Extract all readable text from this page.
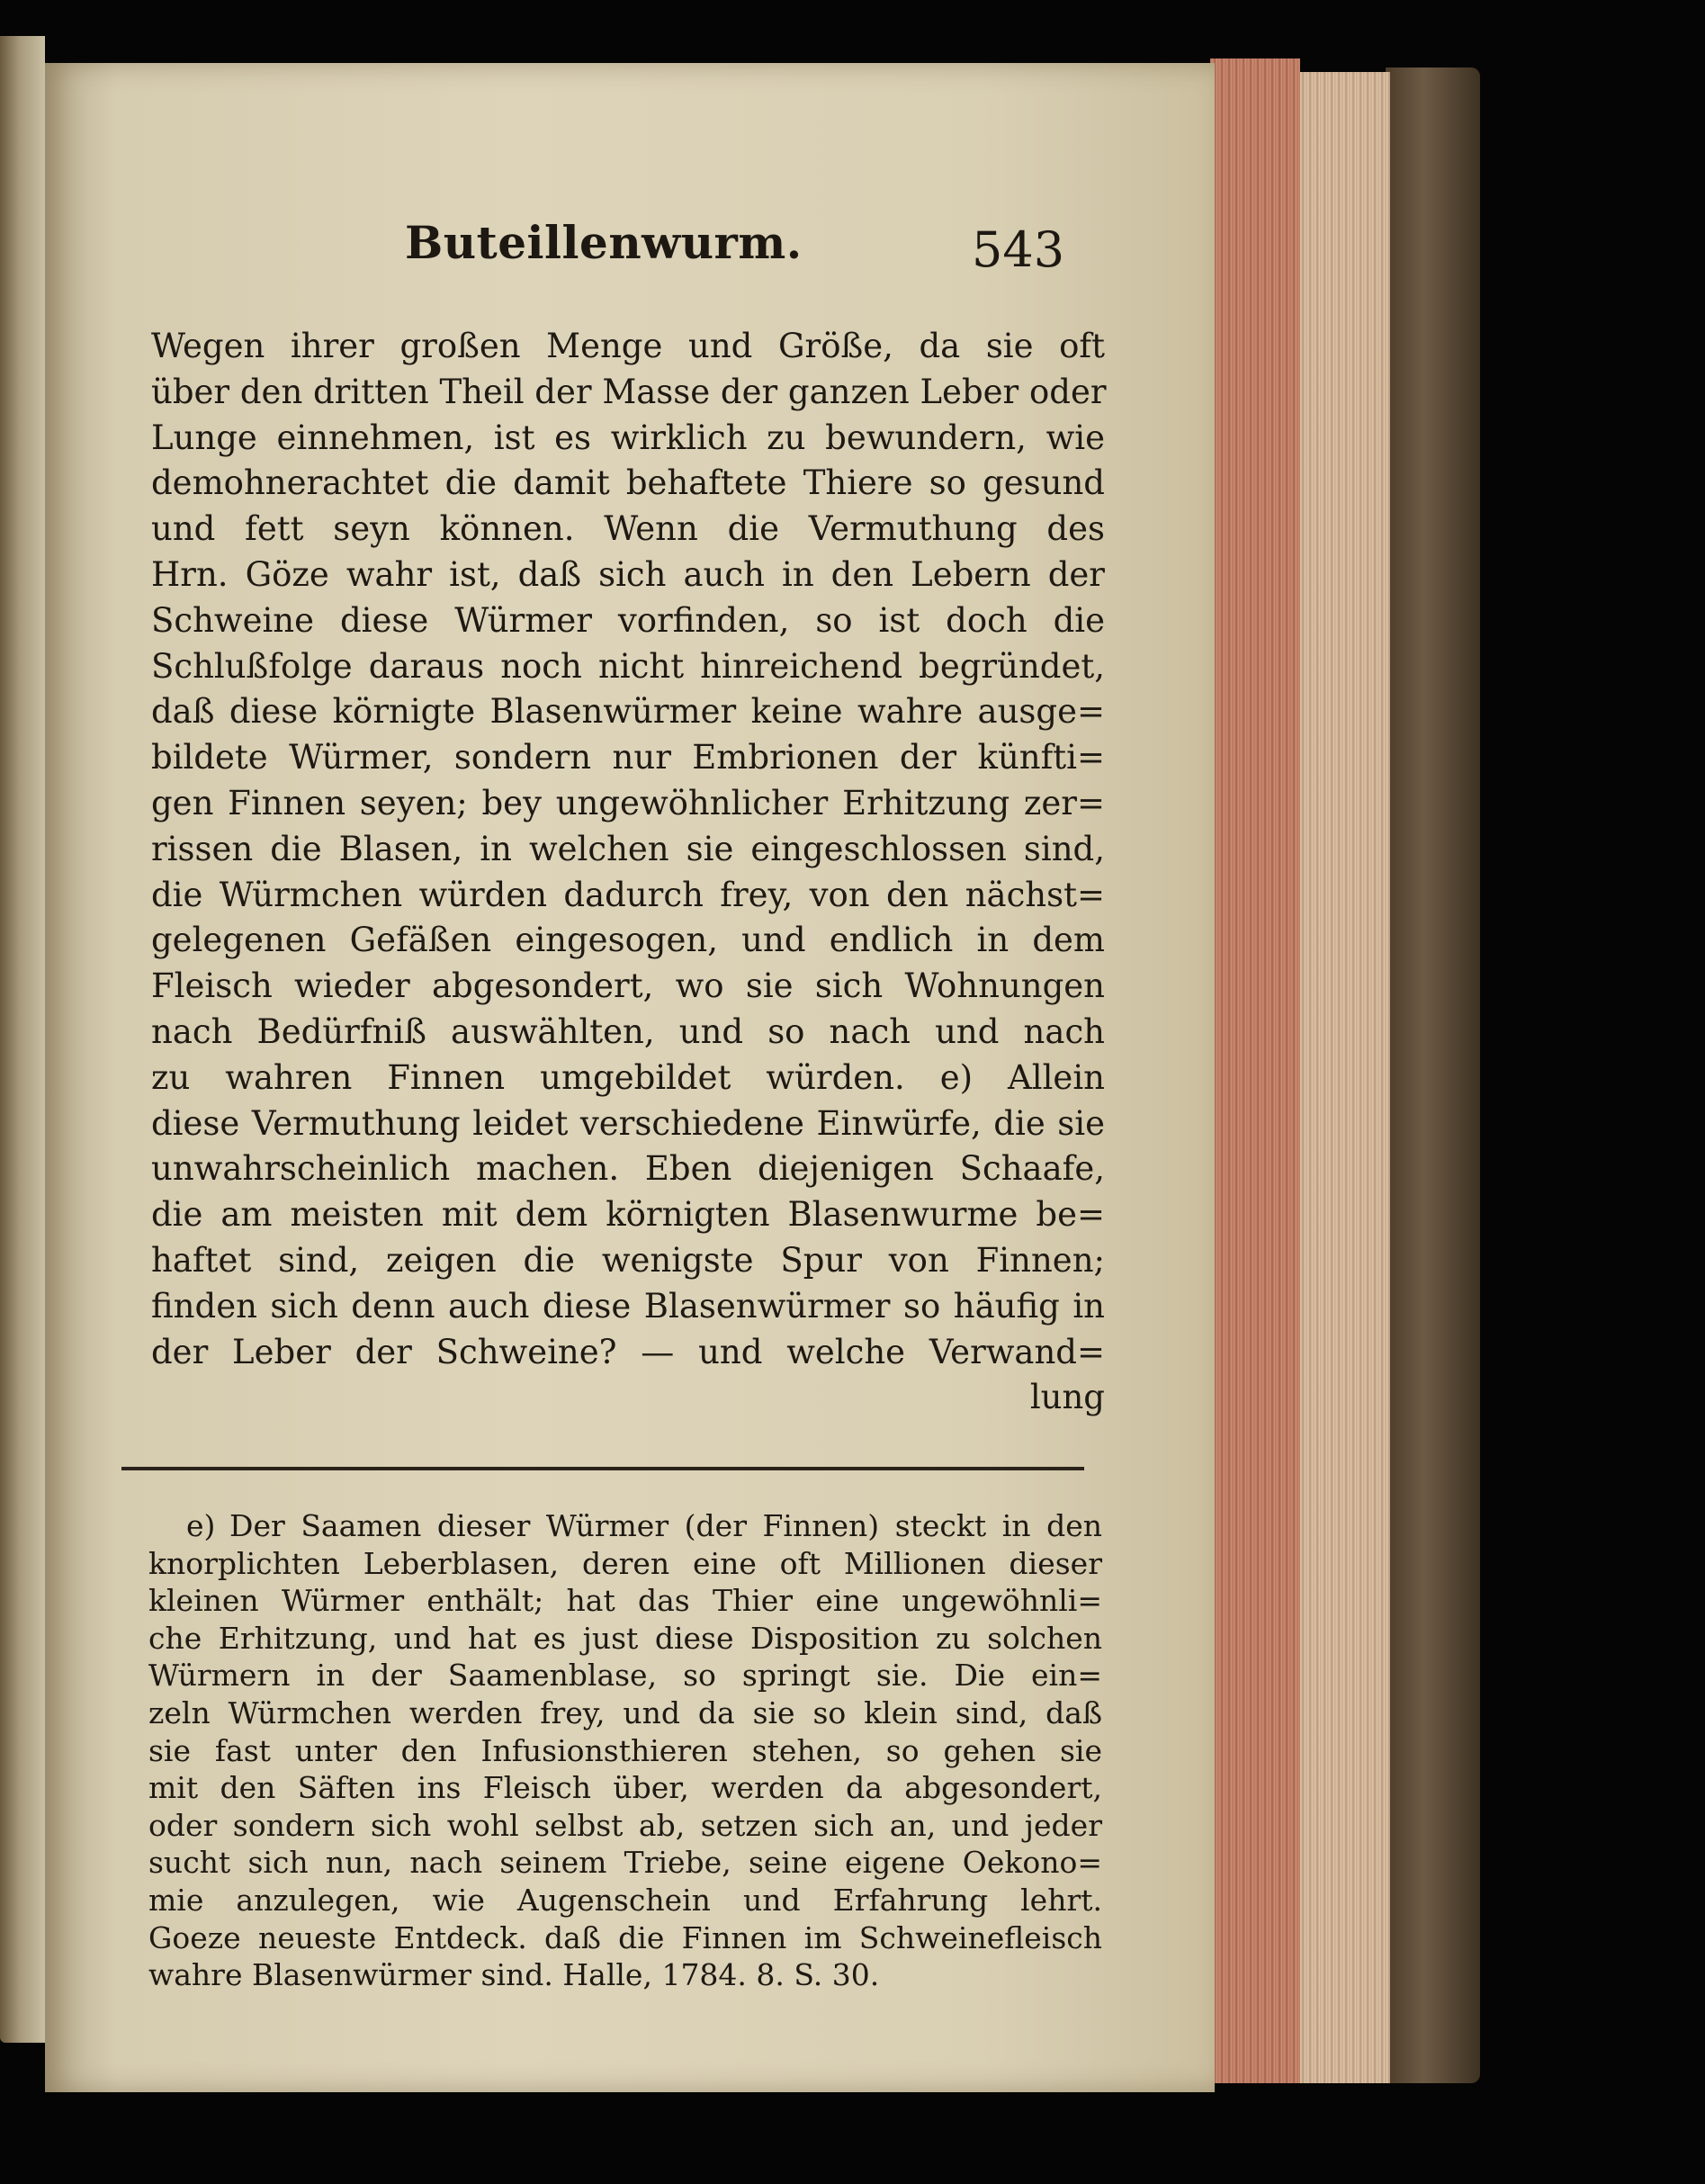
Buteillenwurm.	543
Wegen ihrer großen Menge und Größe, da sie oft
über den dritten Theil der Masse der ganzen Leber oder
Lunge einnehmen, ist es wirklich zu bewundern, wie
demohnerachtet die damit behaftete Thiere so gesund
und fett seyn können. Wenn die Vermuthung des
Hrn. Göze wahr ist, daß sich auch in den Lebern der
Schweine diese Würmer vorfinden, so ist doch die
Schlußfolge daraus noch nicht hinreichend begründet,
daß diese körnigte Blasenwürmer keine wahre ausge=
bildete Würmer, sondern nur Embrionen der künfti=
gen Finnen seyen; bey ungewöhnlicher Erhitzung zer=
rissen die Blasen, in welchen sie eingeschlossen sind,
die Würmchen würden dadurch frey, von den nächst=
gelegenen Gefäßen eingesogen, und endlich in dem
Fleisch wieder abgesondert, wo sie sich Wohnungen
nach Bedürfniß auswählten, und so nach und nach
zu wahren Finnen umgebildet würden. e) Allein
diese Vermuthung leidet verschiedene Einwürfe, die sie
unwahrscheinlich machen. Eben diejenigen Schaafe,
die am meisten mit dem körnigten Blasenwurme be=
haftet sind, zeigen die wenigste Spur von Finnen;
finden sich denn auch diese Blasenwürmer so häufig in
der Leber der Schweine? — und welche Verwand=
lung
e) Der Saamen dieser Würmer (der Finnen) steckt in den
knorplichten Leberblasen, deren eine oft Millionen dieser
kleinen Würmer enthält; hat das Thier eine ungewöhnli=
che Erhitzung, und hat es just diese Disposition zu solchen
Würmern in der Saamenblase, so springt sie. Die ein=
zeln Würmchen werden frey, und da sie so klein sind, daß
sie fast unter den Infusionsthieren stehen, so gehen sie
mit den Säften ins Fleisch über, werden da abgesondert,
oder sondern sich wohl selbst ab, setzen sich an, und jeder
sucht sich nun, nach seinem Triebe, seine eigene Oekono=
mie anzulegen, wie Augenschein und Erfahrung lehrt.
Goeze neueste Entdeck. daß die Finnen im Schweinefleisch
wahre Blasenwürmer sind. Halle, 1784. 8. S. 30.
